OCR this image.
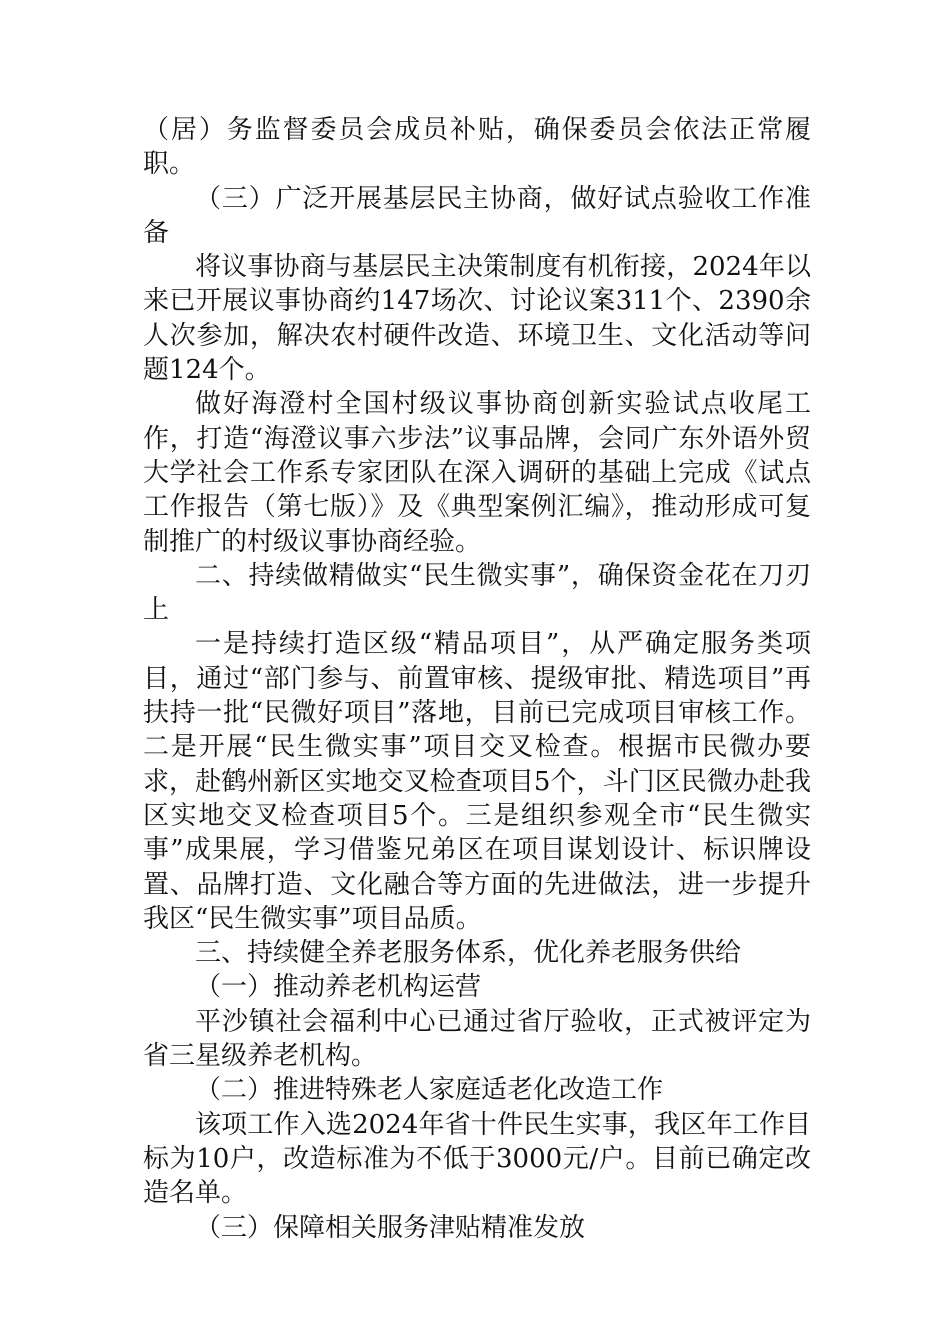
（居）务监督委员会成员补贴，确保委员会依法正常履职。

（三）广泛开展基层民主协商，做好试点验收工作准备

将议事协商与基层民主决策制度有机衔接，2024年以来已开展议事协商约147场次、讨论议案311个、2390余人次参加，解决农村硬件改造、环境卫生、文化活动等问题124个。

做好海澄村全国村级议事协商创新实验试点收尾工作，打造“海澄议事六步法”议事品牌，会同广东外语外贸大学社会工作系专家团队在深入调研的基础上完成《试点工作报告（第七版）》及《典型案例汇编》，推动形成可复制推广的村级议事协商经验。

二、持续做精做实“民生微实事”，确保资金花在刀刃上

一是持续打造区级“精品项目”，从严确定服务类项目，通过“部门参与、前置审核、提级审批、精选项目”再扶持一批“民微好项目”落地，目前已完成项目审核工作。二是开展“民生微实事”项目交叉检查。根据市民微办要求，赴鹤州新区实地交叉检查项目5个，斗门区民微办赴我区实地交叉检查项目5个。三是组织参观全市“民生微实事”成果展，学习借鉴兄弟区在项目谋划设计、标识牌设置、品牌打造、文化融合等方面的先进做法，进一步提升我区“民生微实事”项目品质。

三、持续健全养老服务体系，优化养老服务供给

（一）推动养老机构运营

平沙镇社会福利中心已通过省厅验收，正式被评定为省三星级养老机构。

（二）推进特殊老人家庭适老化改造工作

该项工作入选2024年省十件民生实事，我区年工作目标为10户，改造标准为不低于3000元/户。目前已确定改造名单。

（三）保障相关服务津贴精准发放
